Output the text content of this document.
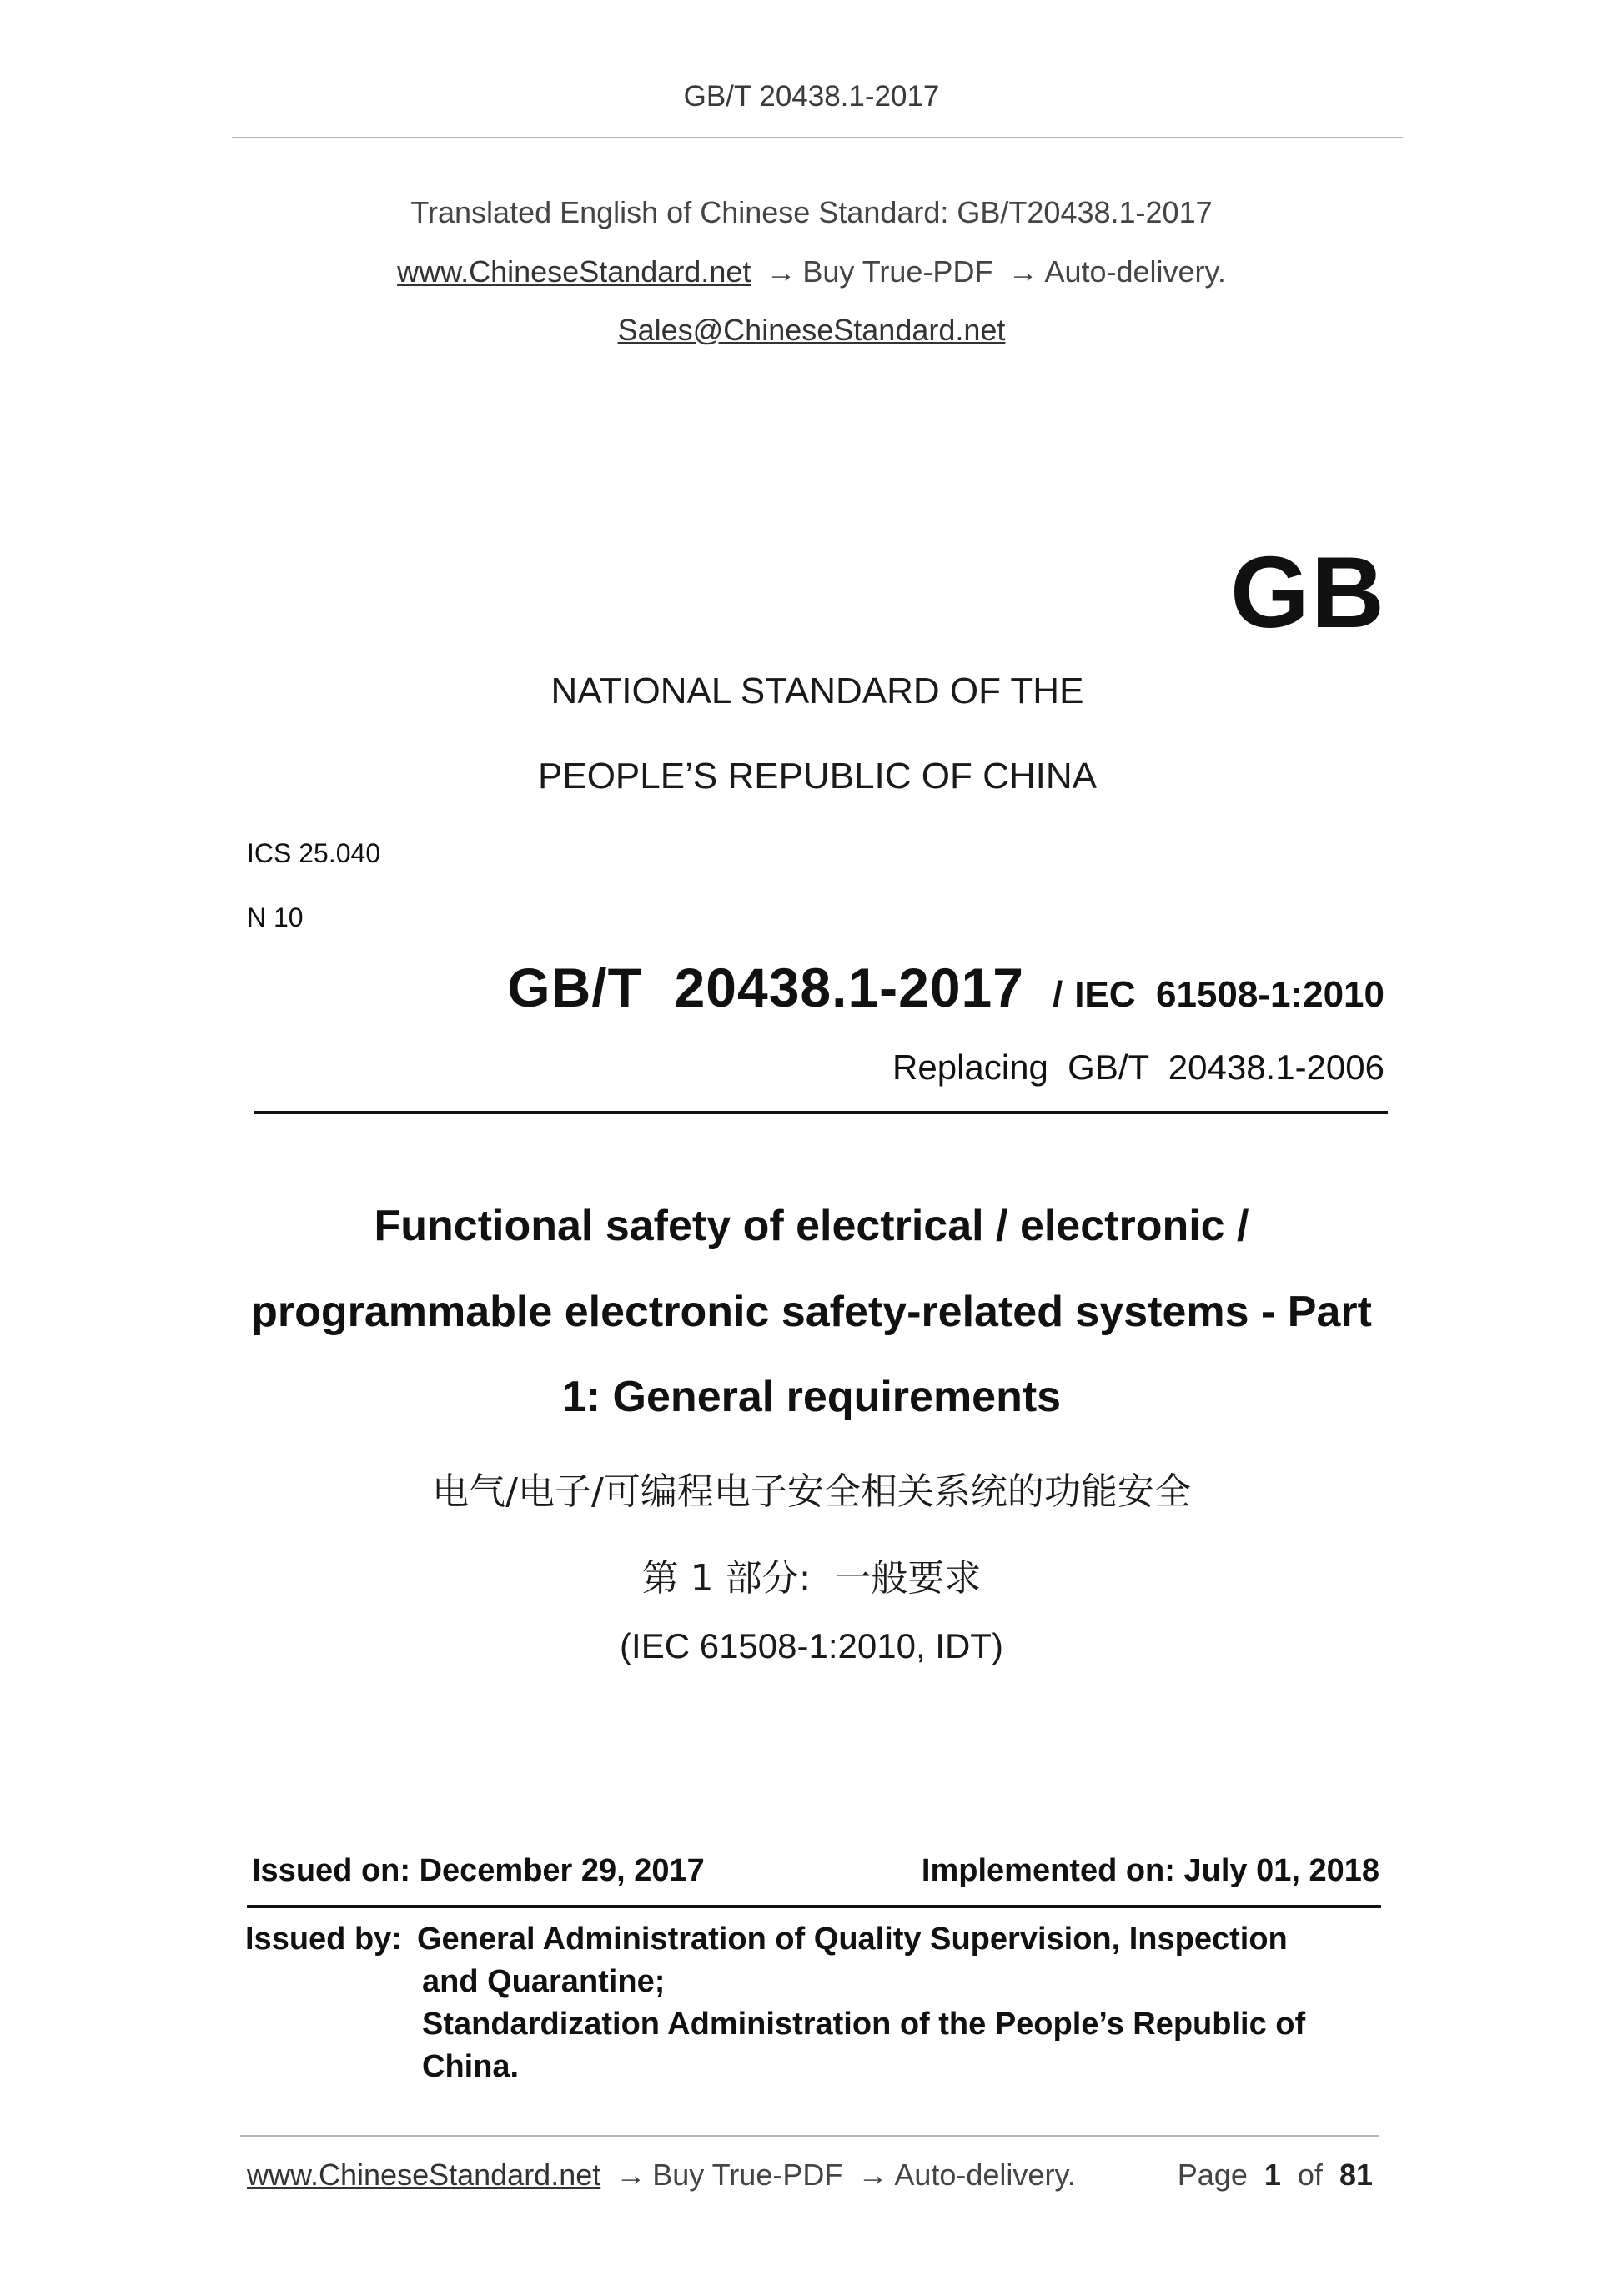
GB/T 20438.1-2017
Translated English of Chinese Standard: GB/T20438.1-2017
www.ChineseStandard.net → Buy True-PDF → Auto-delivery.
Sales@ChineseStandard.net
GB
NATIONAL STANDARD OF THE
PEOPLE’S REPUBLIC OF CHINA
ICS 25.040
N 10
GB/T  20438.1-2017 / IEC  61508-1:2010
Replacing  GB/T  20438.1-2006
Functional safety of electrical / electronic /
programmable electronic safety-related systems - Part
1: General requirements
电气/电子/可编程电子安全相关系统的功能安全
第 1 部分:  一般要求
(IEC 61508-1:2010, IDT)
Issued on: December 29, 2017	Implemented on: July 01, 2018
Issued by: General Administration of Quality Supervision, Inspection
and Quarantine;
Standardization Administration of the People’s Republic of
China.
www.ChineseStandard.net → Buy True-PDF → Auto-delivery.	Page 1 of 81
